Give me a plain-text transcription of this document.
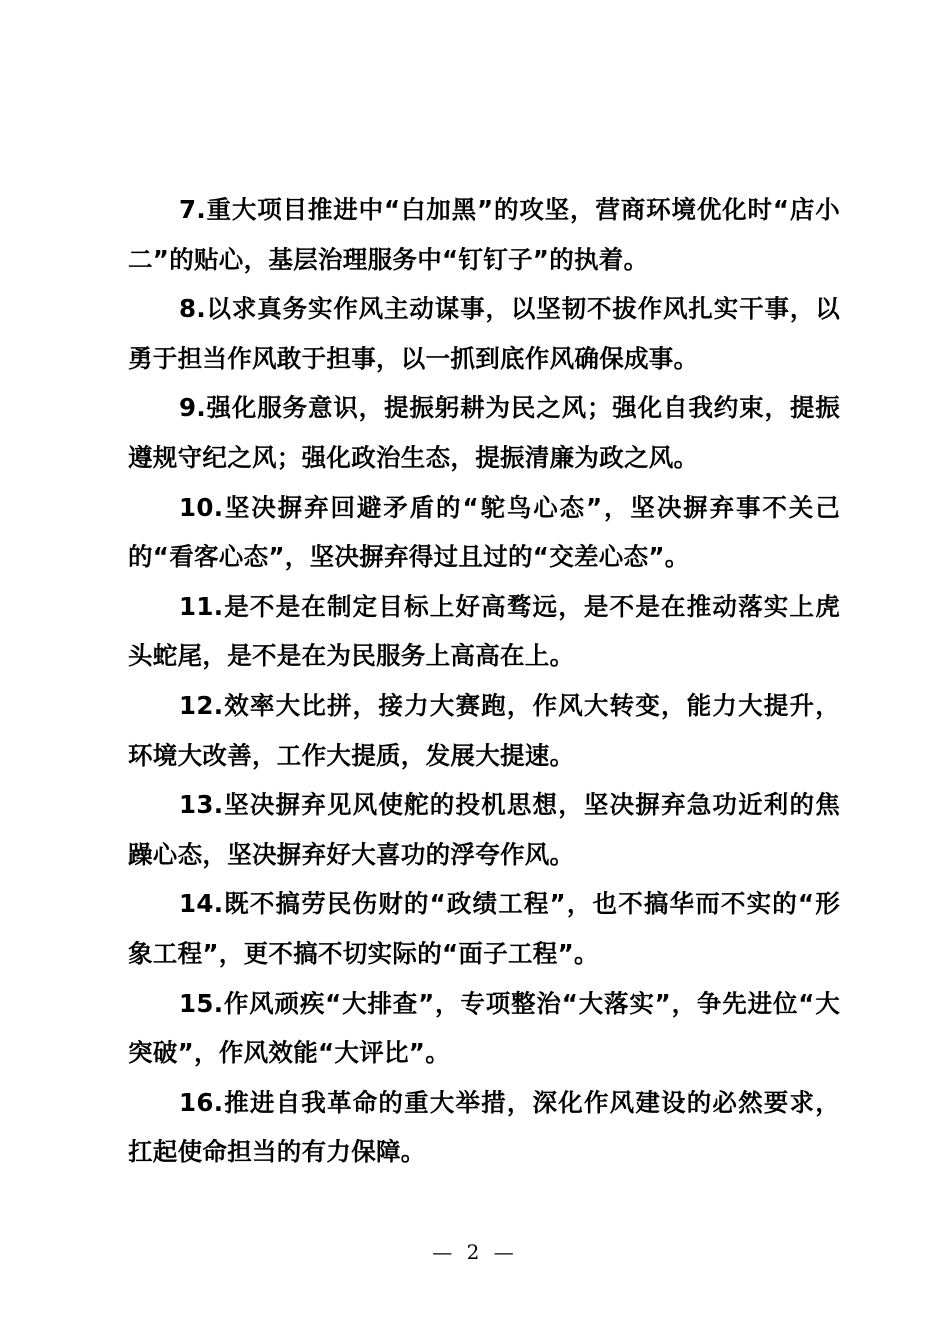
7.重大项目推进中“白加黑”的攻坚，营商环境优化时“店小二”的贴心，基层治理服务中“钉钉子”的执着。

8.以求真务实作风主动谋事，以坚韧不拔作风扎实干事，以勇于担当作风敢于担事，以一抓到底作风确保成事。

9.强化服务意识，提振躬耕为民之风；强化自我约束，提振遵规守纪之风；强化政治生态，提振清廉为政之风。

10.坚决摒弃回避矛盾的“鸵鸟心态”，坚决摒弃事不关己的“看客心态”，坚决摒弃得过且过的“交差心态”。

11.是不是在制定目标上好高骛远，是不是在推动落实上虎头蛇尾，是不是在为民服务上高高在上。

12.效率大比拼，接力大赛跑，作风大转变，能力大提升，环境大改善，工作大提质，发展大提速。

13.坚决摒弃见风使舵的投机思想，坚决摒弃急功近利的焦躁心态，坚决摒弃好大喜功的浮夸作风。

14.既不搞劳民伤财的“政绩工程”，也不搞华而不实的“形象工程”，更不搞不切实际的“面子工程”。

15.作风顽疾“大排查”，专项整治“大落实”，争先进位“大突破”，作风效能“大评比”。

16.推进自我革命的重大举措，深化作风建设的必然要求，扛起使命担当的有力保障。

— 2 —
